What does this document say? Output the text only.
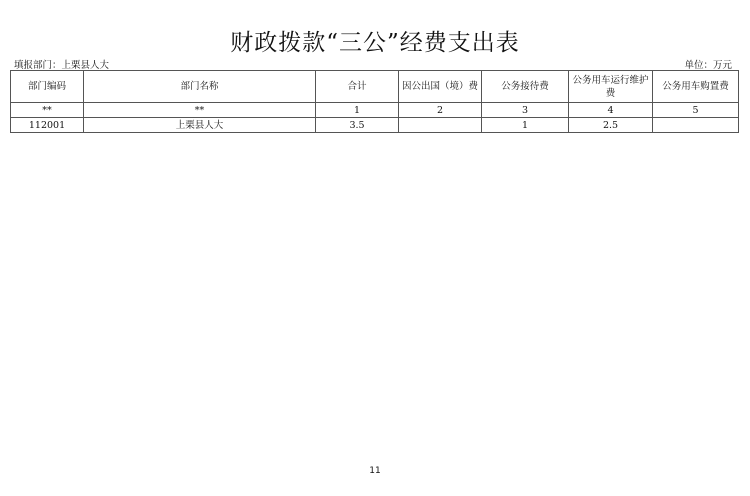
财政拨款“三公”经费支出表
填报部门：上栗县人大	单位：万元
部门编码	部门名称	合计	因公出国（境）费	公务接待费	公务用车运行维护费	公务用车购置费
**	**	1	2	3	4	5
112001	上栗县人大	3.5		1	2.5	
11
